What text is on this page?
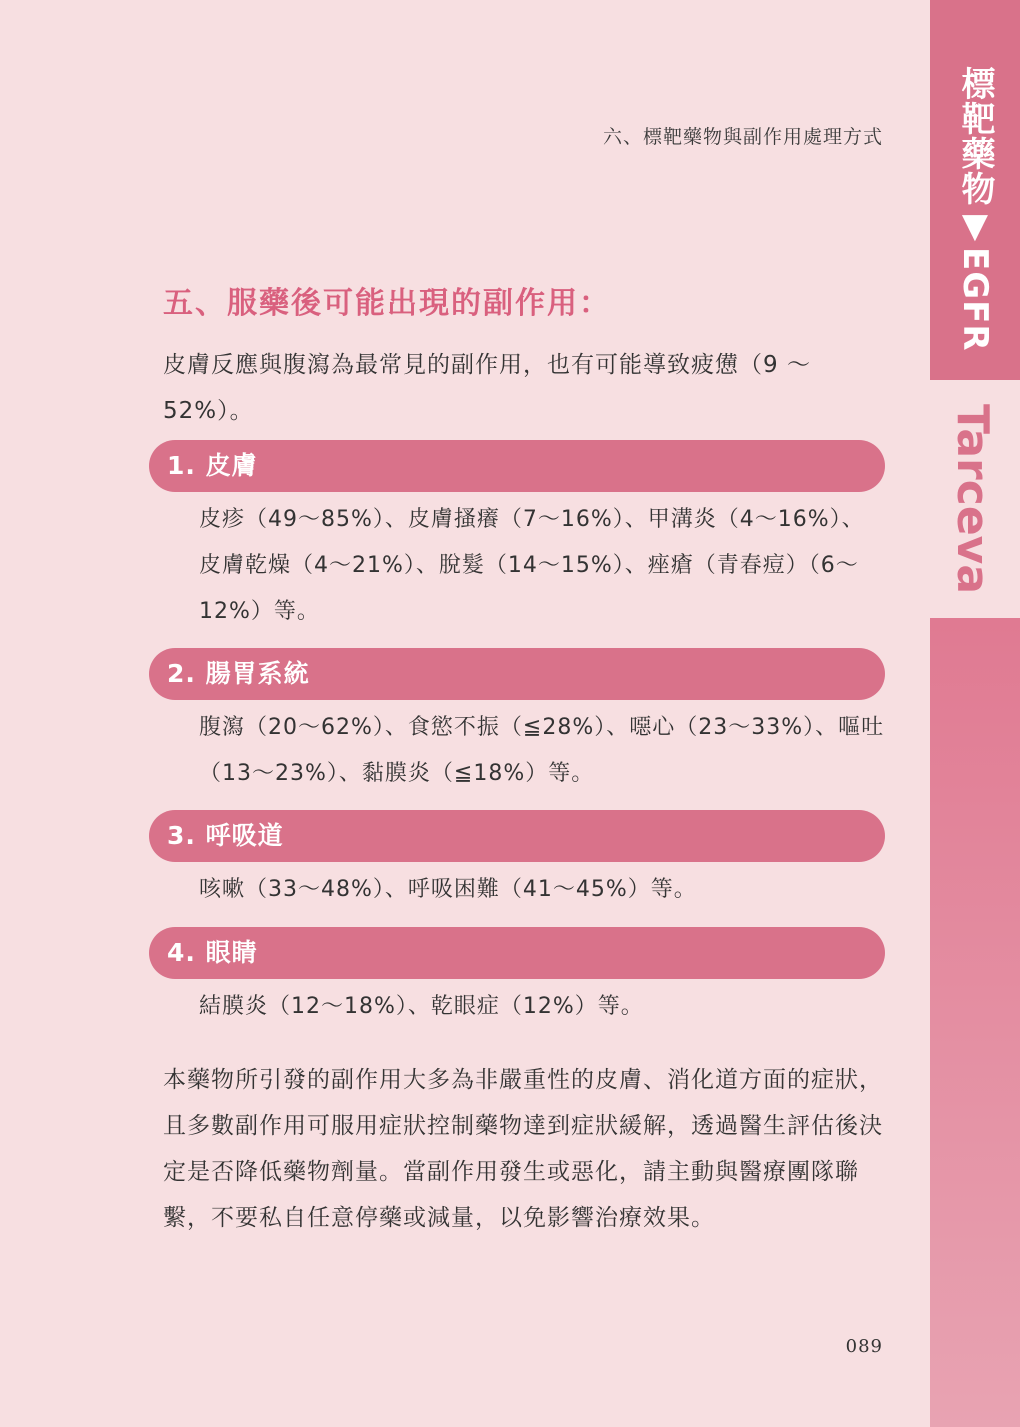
標靶藥物▼EGFR
Tarceva
六、標靶藥物與副作用處理方式
五、服藥後可能出現的副作用：
皮膚反應與腹瀉為最常見的副作用，也有可能導致疲憊（9 ～ 52%）。
1. 皮膚
皮疹（49～85%）、皮膚搔癢（7～16%）、甲溝炎（4～16%）、皮膚乾燥（4～21%）、脫髮（14～15%）、痤瘡（青春痘）（6～12%）等。
2. 腸胃系統
腹瀉（20～62%）、食慾不振（≦28%）、噁心（23～33%）、嘔吐（13～23%）、黏膜炎（≦18%）等。
3. 呼吸道
咳嗽（33～48%）、呼吸困難（41～45%）等。
4. 眼睛
結膜炎（12～18%）、乾眼症（12%）等。
本藥物所引發的副作用大多為非嚴重性的皮膚、消化道方面的症狀，且多數副作用可服用症狀控制藥物達到症狀緩解，透過醫生評估後決定是否降低藥物劑量。當副作用發生或惡化，請主動與醫療團隊聯繫，不要私自任意停藥或減量，以免影響治療效果。
089
